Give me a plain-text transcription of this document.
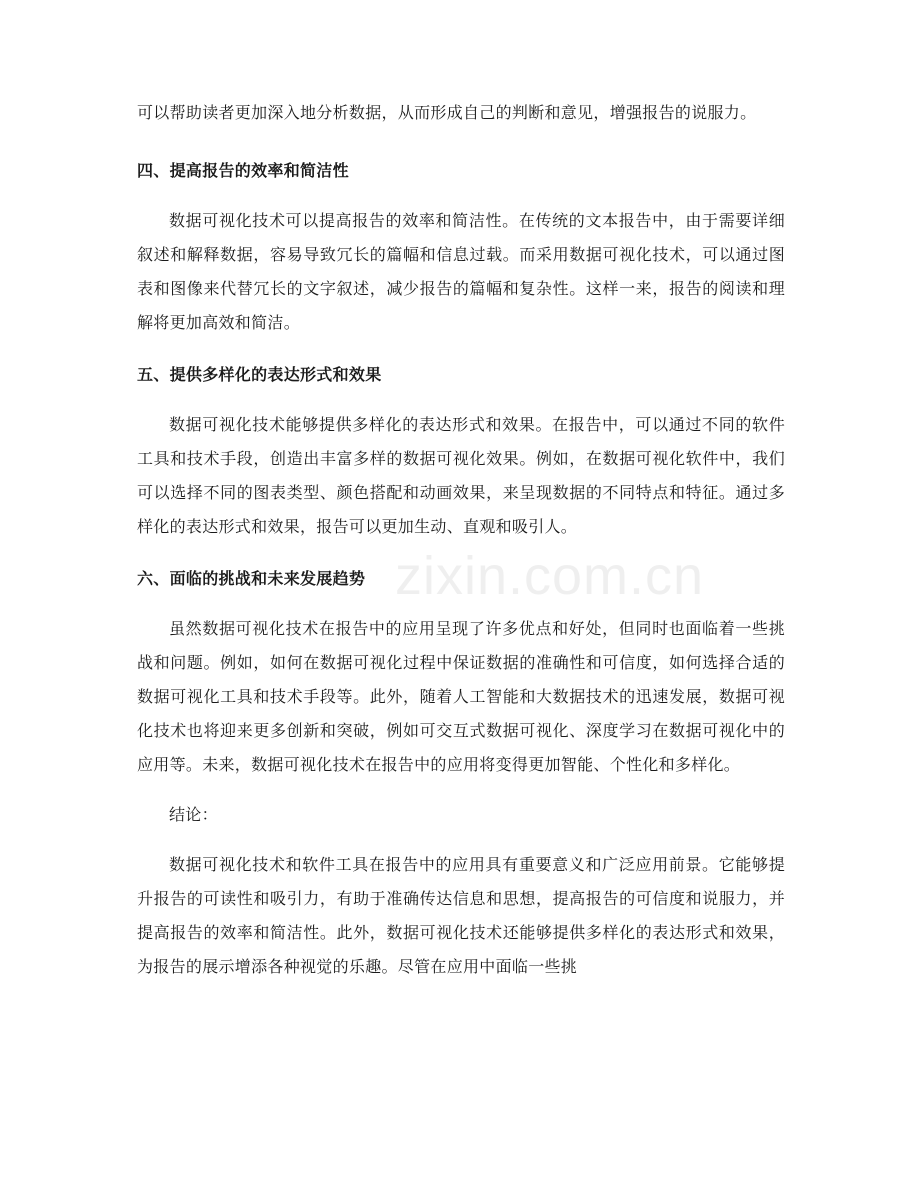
可以帮助读者更加深入地分析数据，从而形成自己的判断和意见，增强报告的说服力。

四、提高报告的效率和简洁性

数据可视化技术可以提高报告的效率和简洁性。在传统的文本报告中，由于需要详细叙述和解释数据，容易导致冗长的篇幅和信息过载。而采用数据可视化技术，可以通过图表和图像来代替冗长的文字叙述，减少报告的篇幅和复杂性。这样一来，报告的阅读和理解将更加高效和简洁。

五、提供多样化的表达形式和效果

数据可视化技术能够提供多样化的表达形式和效果。在报告中，可以通过不同的软件工具和技术手段，创造出丰富多样的数据可视化效果。例如，在数据可视化软件中，我们可以选择不同的图表类型、颜色搭配和动画效果，来呈现数据的不同特点和特征。通过多样化的表达形式和效果，报告可以更加生动、直观和吸引人。

六、面临的挑战和未来发展趋势

虽然数据可视化技术在报告中的应用呈现了许多优点和好处，但同时也面临着一些挑战和问题。例如，如何在数据可视化过程中保证数据的准确性和可信度，如何选择合适的数据可视化工具和技术手段等。此外，随着人工智能和大数据技术的迅速发展，数据可视化技术也将迎来更多创新和突破，例如可交互式数据可视化、深度学习在数据可视化中的应用等。未来，数据可视化技术在报告中的应用将变得更加智能、个性化和多样化。

结论：

数据可视化技术和软件工具在报告中的应用具有重要意义和广泛应用前景。它能够提升报告的可读性和吸引力，有助于准确传达信息和思想，提高报告的可信度和说服力，并提高报告的效率和简洁性。此外，数据可视化技术还能够提供多样化的表达形式和效果，为报告的展示增添各种视觉的乐趣。尽管在应用中面临一些挑

zixin.com.cn
